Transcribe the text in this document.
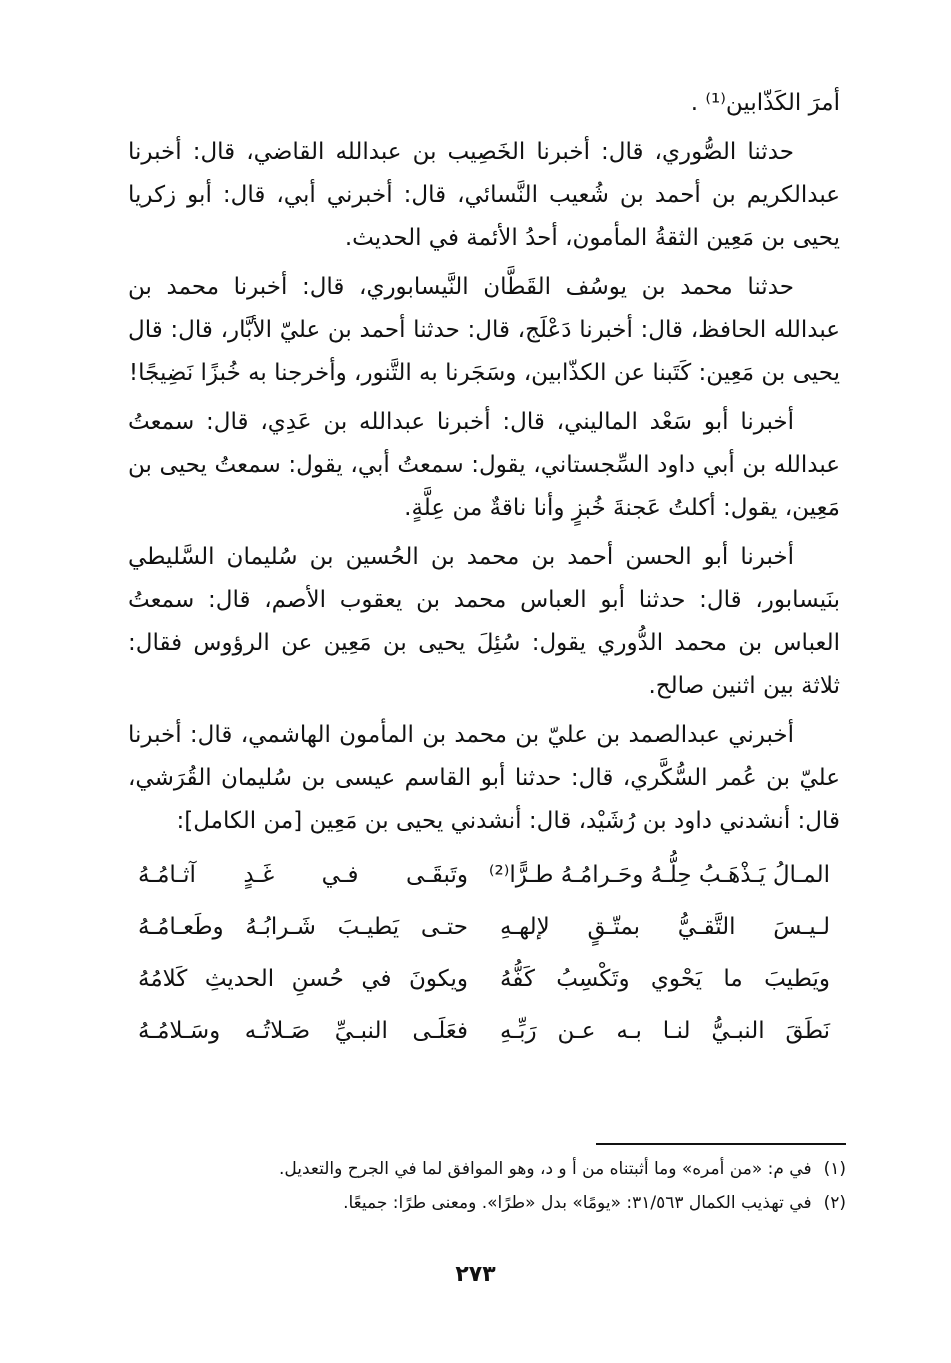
أمرَ الكَذّابين⁽¹⁾ .

حدثنا الصُّوري، قال: أخبرنا الخَصِيب بن عبدالله القاضي، قال: أخبرنا عبدالكريم بن أحمد بن شُعيب النَّسائي، قال: أخبرني أبي، قال: أبو زكريا يحيى بن مَعِين الثقةُ المأمون، أحدُ الأئمة في الحديث.

حدثنا محمد بن يوسُف القَطَّان النَّيسابوري، قال: أخبرنا محمد بن عبدالله الحافظ، قال: أخبرنا دَعْلَج، قال: حدثنا أحمد بن عليّ الأبَّار، قال: قال يحيى بن مَعِين: كَتَبنا عن الكذّابين، وسَجَرنا به التَّنور، وأخرجنا به خُبزًا نَضِيجًا!

أخبرنا أبو سَعْد الماليني، قال: أخبرنا عبدالله بن عَدِي، قال: سمعتُ عبدالله بن أبي داود السِّجستاني، يقول: سمعتُ أبي، يقول: سمعتُ يحيى بن مَعِين، يقول: أكلتُ عَجنةَ خُبزٍ وأنا ناقةٌ من عِلَّةٍ.

أخبرنا أبو الحسن أحمد بن محمد بن الحُسين بن سُليمان السَّليطي بنَيسابور، قال: حدثنا أبو العباس محمد بن يعقوب الأصم، قال: سمعتُ العباس بن محمد الدُّوري يقول: سُئِلَ يحيى بن مَعِين عن الرؤوس فقال: ثلاثة بين اثنين صالح.

أخبرني عبدالصمد بن عليّ بن محمد بن المأمون الهاشمي، قال: أخبرنا عليّ بن عُمر السُّكَّري، قال: حدثنا أبو القاسم عيسى بن سُليمان القُرَشي، قال: أنشدني داود بن رُشَيْد، قال: أنشدني يحيى بن مَعِين [من الكامل]:

المـالُ يَـذْهَـبُ حِلُّـهُ وحَـرامُـهُ طـرًّا⁽²⁾
وتَبقَـى فـي غَـدٍ آثـامُـهُ
لـيـسَ التَّقـيُّ بمتّـقٍ لإلهـهِ
حتـى يَطيـبَ شَـرابُـهُ وطَعـامُـهُ
ويَطيبَ ما يَحْوي وتَكْسِبُ كَفُّهُ
ويكونَ في حُسنِ الحديثِ كَلامُهُ
نَطَقَ النبـيُّ لنـا بـه عـن رَبِّـهِ
فعَلَـى النبـيِّ صَـلاتُـه وسَـلامُـهُ
(١)
في م: «من أمره» وما أثبتناه من أ و د، وهو الموافق لما في الجرح والتعديل.
(٢)
في تهذيب الكمال ٣١/٥٦٣: «يومًا» بدل «طرًا». ومعنى طرًا: جميعًا.
٢٧٣
